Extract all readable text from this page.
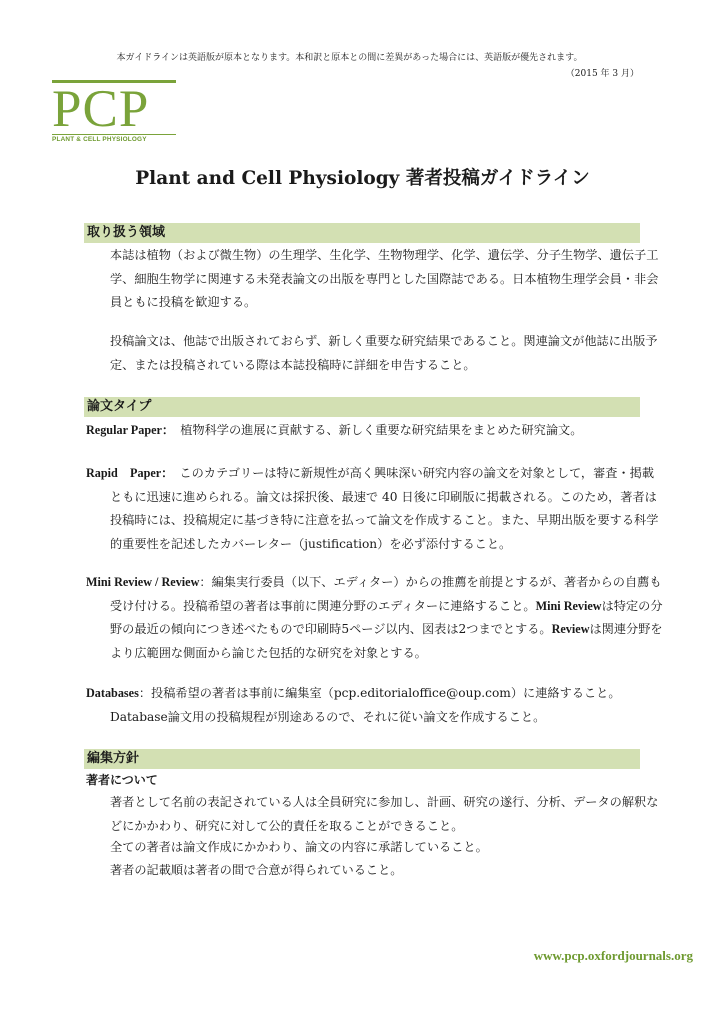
本ガイドラインは英語版が原本となります。本和訳と原本との間に差異があった場合には、英語版が優先されます。
（2015 年 3 月）
PCP
PLANT & CELL PHYSIOLOGY
Plant and Cell Physiology 著者投稿ガイドライン
取り扱う領域
本誌は植物（および微生物）の生理学、生化学、生物物理学、化学、遺伝学、分子生物学、遺伝子工学、細胞生物学に関連する未発表論文の出版を専門とした国際誌である。日本植物生理学会員・非会員ともに投稿を歓迎する。
投稿論文は、他誌で出版されておらず、新しく重要な研究結果であること。関連論文が他誌に出版予定、または投稿されている際は本誌投稿時に詳細を申告すること。
論文タイプ
Regular Paper：　植物科学の進展に貢献する、新しく重要な研究結果をまとめた研究論文。
Rapid　Paper：　このカテゴリーは特に新規性が高く興味深い研究内容の論文を対象として，審査・掲載ともに迅速に進められる。論文は採択後、最速で 40 日後に印刷版に掲載される。このため，著者は投稿時には、投稿規定に基づき特に注意を払って論文を作成すること。また、早期出版を要する科学的重要性を記述したカバーレター（justification）を必ず添付すること。
Mini Review / Review：編集実行委員（以下、エディター）からの推薦を前提とするが、著者からの自薦も受け付ける。投稿希望の著者は事前に関連分野のエディターに連絡すること。Mini Reviewは特定の分野の最近の傾向につき述べたもので印刷時5ページ以内、図表は2つまでとする。Reviewは関連分野をより広範囲な側面から論じた包括的な研究を対象とする。
Databases：投稿希望の著者は事前に編集室（pcp.editorialoffice@oup.com）に連絡すること。Database論文用の投稿規程が別途あるので、それに従い論文を作成すること。
編集方針
著者について
著者として名前の表記されている人は全員研究に参加し、計画、研究の遂行、分析、データの解釈などにかかわり、研究に対して公的責任を取ることができること。
全ての著者は論文作成にかかわり、論文の内容に承諾していること。
著者の記載順は著者の間で合意が得られていること。
www.pcp.oxfordjournals.org
